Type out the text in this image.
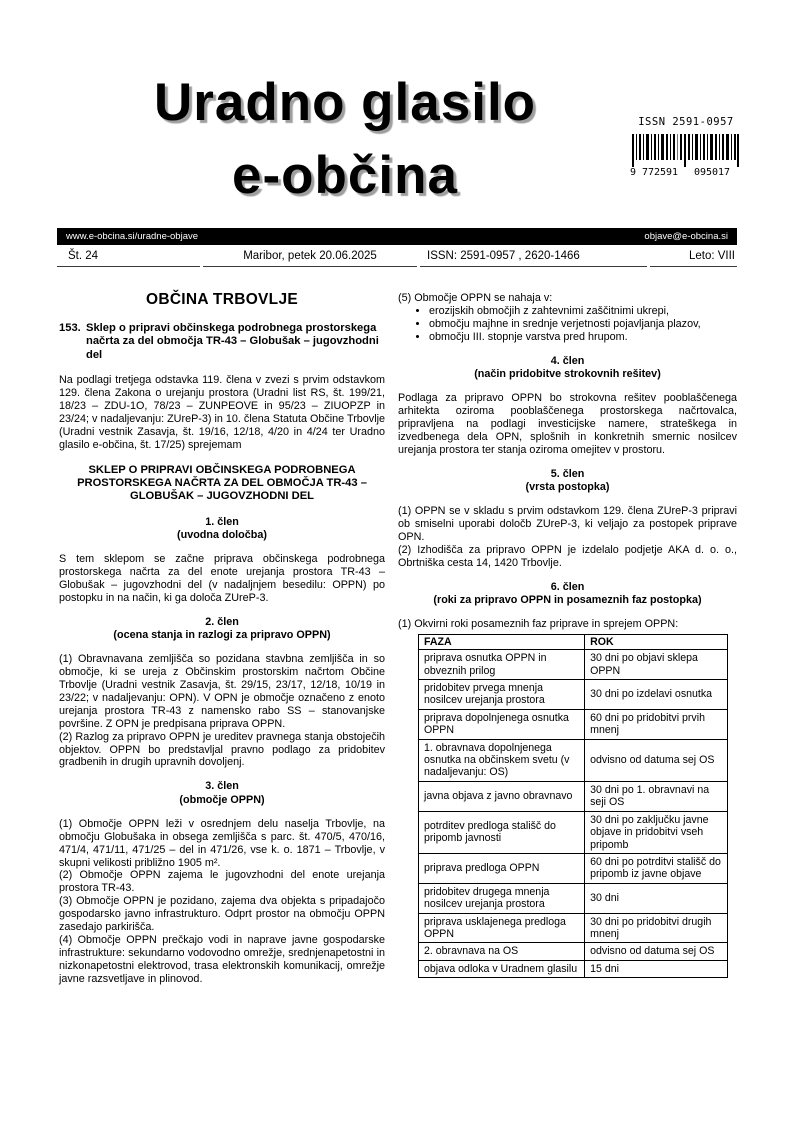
Uradno glasilo
e-občina
ISSN 2591-0957
9 772591 095017
www.e-obcina.si/uradne-objave	objave@e-obcina.si
Št. 24	Maribor, petek 20.06.2025	ISSN: 2591-0957 , 2620-1466	Leto: VIII
OBČINA TRBOVLJE
153. Sklep o pripravi občinskega podrobnega prostorskega načrta za del območja TR-43 – Globušak – jugovzhodni del
Na podlagi tretjega odstavka 119. člena v zvezi s prvim odstavkom 129. člena Zakona o urejanju prostora (Uradni list RS, št. 199/21, 18/23 – ZDU-1O, 78/23 – ZUNPEOVE in 95/23 – ZIUOPZP in 23/24; v nadaljevanju: ZUreP-3) in 10. člena Statuta Občine Trbovlje (Uradni vestnik Zasavja, št. 19/16, 12/18, 4/20 in 4/24 ter Uradno glasilo e-občina, št. 17/25) sprejemam
SKLEP O PRIPRAVI OBČINSKEGA PODROBNEGA PROSTORSKEGA NAČRTA ZA DEL OBMOČJA TR-43 – GLOBUŠAK – JUGOVZHODNI DEL
1. člen
(uvodna določba)
S tem sklepom se začne priprava občinskega podrobnega prostorskega načrta za del enote urejanja prostora TR-43 – Globušak – jugovzhodni del (v nadaljnjem besedilu: OPPN) po postopku in na način, ki ga določa ZUreP-3.
2. člen
(ocena stanja in razlogi za pripravo OPPN)
(1) Obravnavana zemljišča so pozidana stavbna zemljišča in so območje, ki se ureja z Občinskim prostorskim načrtom Občine Trbovlje (Uradni vestnik Zasavja, št. 29/15, 23/17, 12/18, 10/19 in 23/22; v nadaljevanju: OPN). V OPN je območje označeno z enoto urejanja prostora TR-43 z namensko rabo SS – stanovanjske površine. Z OPN je predpisana priprava OPPN.
(2) Razlog za pripravo OPPN je ureditev pravnega stanja obstoječih objektov. OPPN bo predstavljal pravno podlago za pridobitev gradbenih in drugih upravnih dovoljenj.
3. člen
(območje OPPN)
(1) Območje OPPN leži v osrednjem delu naselja Trbovlje, na območju Globušaka in obsega zemljišča s parc. št. 470/5, 470/16, 471/4, 471/11, 471/25 – del in 471/26, vse k. o. 1871 – Trbovlje, v skupni velikosti približno 1905 m².
(2) Območje OPPN zajema le jugovzhodni del enote urejanja prostora TR-43.
(3) Območje OPPN je pozidano, zajema dva objekta s pripadajočo gospodarsko javno infrastrukturo. Odprt prostor na območju OPPN zasedajo parkirišča.
(4) Območje OPPN prečkajo vodi in naprave javne gospodarske infrastrukture: sekundarno vodovodno omrežje, srednjenapetostni in nizkonapetostni elektrovod, trasa elektronskih komunikacij, omrežje javne razsvetljave in plinovod.
(5) Območje OPPN se nahaja v:
• erozijskih območjih z zahtevnimi zaščitnimi ukrepi,
• območju majhne in srednje verjetnosti pojavljanja plazov,
• območju III. stopnje varstva pred hrupom.
4. člen
(način pridobitve strokovnih rešitev)
Podlaga za pripravo OPPN bo strokovna rešitev pooblaščenega arhitekta oziroma pooblaščenega prostorskega načrtovalca, pripravljena na podlagi investicijske namere, strateškega in izvedbenega dela OPN, splošnih in konkretnih smernic nosilcev urejanja prostora ter stanja oziroma omejitev v prostoru.
5. člen
(vrsta postopka)
(1) OPPN se v skladu s prvim odstavkom 129. člena ZUreP-3 pripravi ob smiselni uporabi določb ZUreP-3, ki veljajo za postopek priprave OPN.
(2) Izhodišča za pripravo OPPN je izdelalo podjetje AKA d. o. o., Obrtniška cesta 14, 1420 Trbovlje.
6. člen
(roki za pripravo OPPN in posameznih faz postopka)
(1) Okvirni roki posameznih faz priprave in sprejem OPPN:
FAZA	ROK
priprava osnutka OPPN in obveznih prilog	30 dni po objavi sklepa OPPN
pridobitev prvega mnenja nosilcev urejanja prostora	30 dni po izdelavi osnutka
priprava dopolnjenega osnutka OPPN	60 dni po pridobitvi prvih mnenj
1. obravnava dopolnjenega osnutka na občinskem svetu (v nadaljevanju: OS)	odvisno od datuma sej OS
javna objava z javno obravnavo	30 dni po 1. obravnavi na seji OS
potrditev predloga stališč do pripomb javnosti	30 dni po zaključku javne objave in pridobitvi vseh pripomb
priprava predloga OPPN	60 dni po potrditvi stališč do pripomb iz javne objave
pridobitev drugega mnenja nosilcev urejanja prostora	30 dni
priprava usklajenega predloga OPPN	30 dni po pridobitvi drugih mnenj
2. obravnava na OS	odvisno od datuma sej OS
objava odloka v Uradnem glasilu	15 dni
